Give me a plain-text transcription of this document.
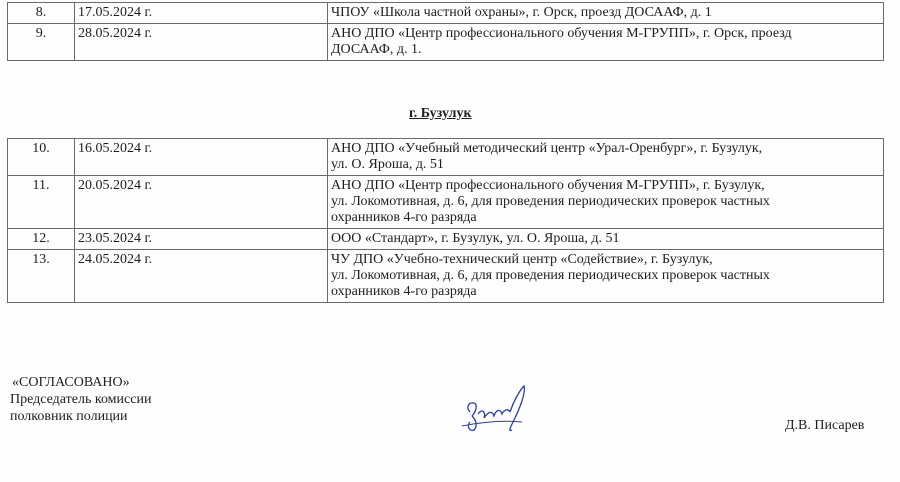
8.	17.05.2024 г.	ЧПОУ «Школа частной охраны», г. Орск, проезд ДОСААФ, д. 1

9.	28.05.2024 г.	АНО ДПО «Центр профессионального обучения М-ГРУПП», г. Орск, проезд
ДОСААФ, д. 1.
г. Бузулук
10.	16.05.2024 г.	АНО ДПО «Учебный методический центр «Урал-Оренбург», г. Бузулук,
ул. О. Яроша, д. 51

11.	20.05.2024 г.	АНО ДПО «Центр профессионального обучения М-ГРУПП», г. Бузулук,
ул. Локомотивная, д. 6, для проведения периодических проверок частных
охранников 4-го разряда

12.	23.05.2024 г.	ООО «Стандарт», г. Бузулук, ул. О. Яроша, д. 51

13.	24.05.2024 г.	ЧУ ДПО «Учебно-технический центр «Содействие», г. Бузулук,
ул. Локомотивная, д. 6, для проведения периодических проверок частных
охранников 4-го разряда
«СОГЛАСОВАНО»
Председатель комиссии
полковник полиции
Д.В. Писарев
